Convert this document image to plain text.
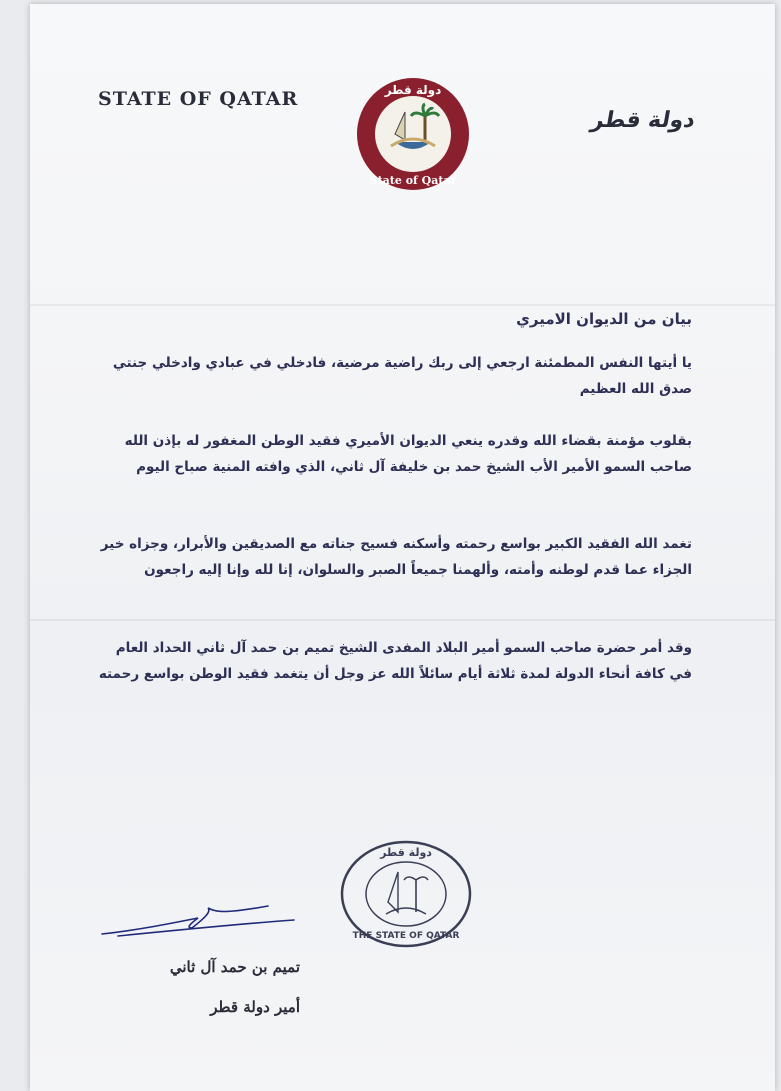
STATE OF QATAR	دولة قطر
State of Qatar
دولة قطر
بيان من الديوان الاميري
يا أيتها النفس المطمئنة ارجعي إلى ربك راضية مرضية، فادخلي في عبادي وادخلي جنتي صدق الله العظيم
بقلوب مؤمنة بقضاء الله وقدره ينعي الديوان الأميري فقيد الوطن المغفور له بإذن الله صاحب السمو الأمير الأب الشيخ حمد بن خليفة آل ثاني، الذي وافته المنية صباح اليوم
تغمد الله الفقيد الكبير بواسع رحمته وأسكنه فسيح جناته مع الصديقين والأبرار، وجزاه خير الجزاء عما قدم لوطنه وأمته، وألهمنا جميعاً الصبر والسلوان، إنا لله وإنا إليه راجعون
وقد أمر حضرة صاحب السمو أمير البلاد المفدى الشيخ تميم بن حمد آل ثاني الحداد العام في كافة أنحاء الدولة لمدة ثلاثة أيام سائلاً الله عز وجل أن يتغمد فقيد الوطن بواسع رحمته
تميم بن حمد آل ثاني
أمير دولة قطر
دولة قطر
THE STATE OF QATAR
